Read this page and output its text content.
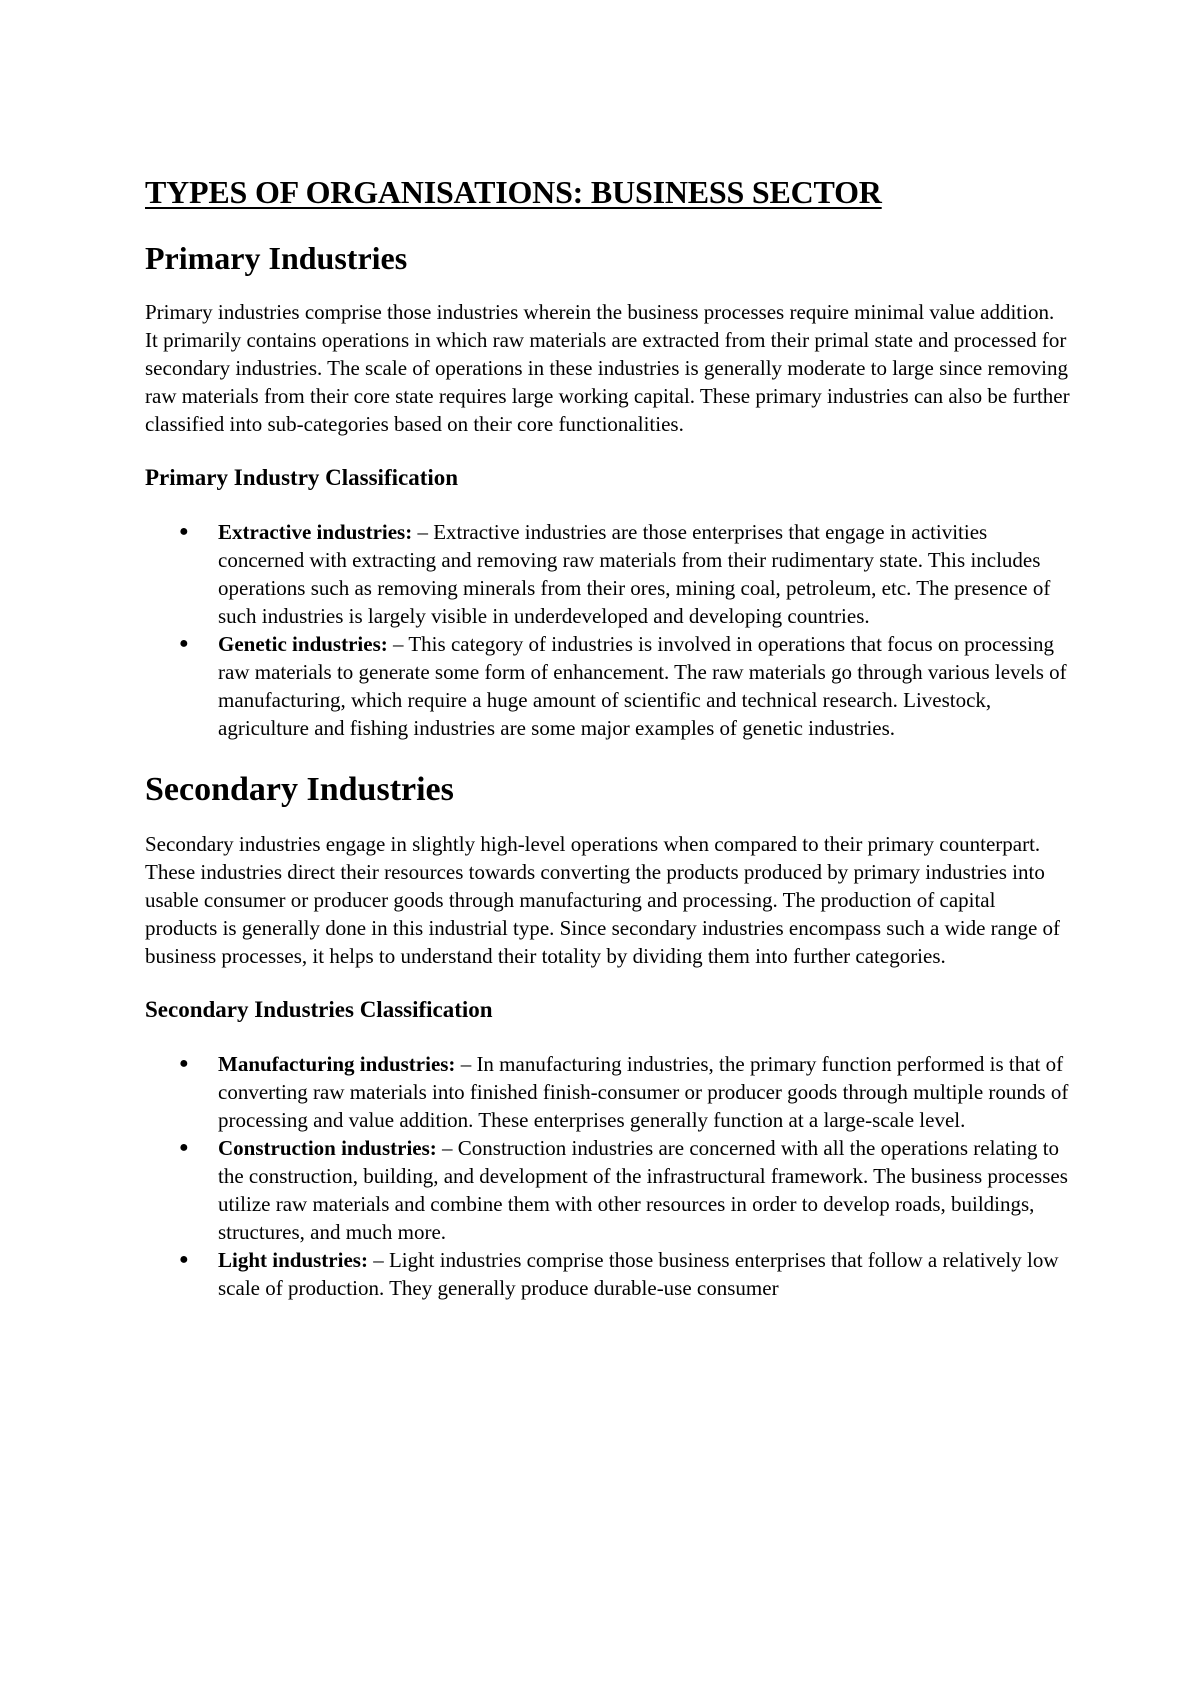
TYPES OF ORGANISATIONS: BUSINESS SECTOR
Primary Industries

Primary industries comprise those industries wherein the business processes require minimal value addition. It primarily contains operations in which raw materials are extracted from their primal state and processed for secondary industries. The scale of operations in these industries is generally moderate to large since removing raw materials from their core state requires large working capital. These primary industries can also be further classified into sub-categories based on their core functionalities.

Primary Industry Classification
● Extractive industries: – Extractive industries are those enterprises that engage in activities concerned with extracting and removing raw materials from their rudimentary state. This includes operations such as removing minerals from their ores, mining coal, petroleum, etc. The presence of such industries is largely visible in underdeveloped and developing countries.
● Genetic industries: – This category of industries is involved in operations that focus on processing raw materials to generate some form of enhancement. The raw materials go through various levels of manufacturing, which require a huge amount of scientific and technical research. Livestock, agriculture and fishing industries are some major examples of genetic industries.
Secondary Industries

Secondary industries engage in slightly high-level operations when compared to their primary counterpart. These industries direct their resources towards converting the products produced by primary industries into usable consumer or producer goods through manufacturing and processing. The production of capital products is generally done in this industrial type. Since secondary industries encompass such a wide range of business processes, it helps to understand their totality by dividing them into further categories.

Secondary Industries Classification
● Manufacturing industries: – In manufacturing industries, the primary function performed is that of converting raw materials into finished finish-consumer or producer goods through multiple rounds of processing and value addition. These enterprises generally function at a large-scale level.
● Construction industries: – Construction industries are concerned with all the operations relating to the construction, building, and development of the infrastructural framework. The business processes utilize raw materials and combine them with other resources in order to develop roads, buildings, structures, and much more.
● Light industries: – Light industries comprise those business enterprises that follow a relatively low scale of production. They generally produce durable-use consumer
